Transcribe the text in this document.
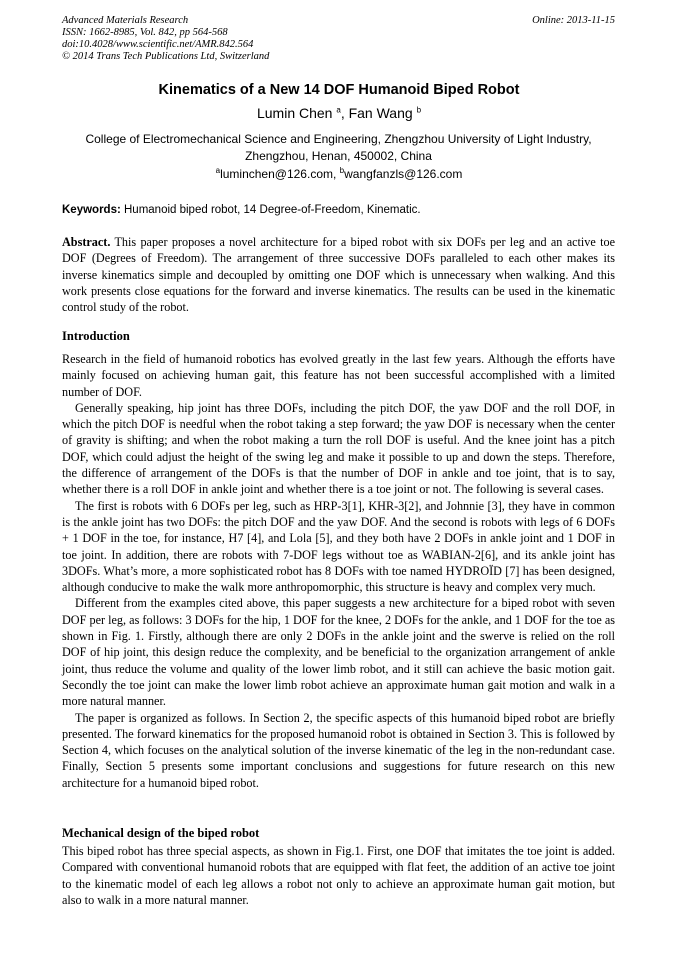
Advanced Materials Research
ISSN: 1662-8985, Vol. 842, pp 564-568
doi:10.4028/www.scientific.net/AMR.842.564
© 2014 Trans Tech Publications Ltd, Switzerland
Online: 2013-11-15
Kinematics of a New 14 DOF Humanoid Biped Robot
Lumin Chen $^a$, Fan Wang $^b$
College of Electromechanical Science and Engineering, Zhengzhou University of Light Industry,
Zhengzhou, Henan, 450002, China
$^a$luminchen@126.com, $^b$wangfanzls@126.com
Keywords: Humanoid biped robot, 14 Degree-of-Freedom, Kinematic.

Abstract. This paper proposes a novel architecture for a biped robot with six DOFs per leg and an active toe DOF (Degrees of Freedom). The arrangement of three successive DOFs paralleled to each other makes its inverse kinematics simple and decoupled by omitting one DOF which is unnecessary when walking. And this work presents close equations for the forward and inverse kinematics. The results can be used in the kinematic control study of the robot.

Introduction

Research in the field of humanoid robotics has evolved greatly in the last few years. Although the efforts have mainly focused on achieving human gait, this feature has not been successful accomplished with a limited number of DOF.

Generally speaking, hip joint has three DOFs, including the pitch DOF, the yaw DOF and the roll DOF, in which the pitch DOF is needful when the robot taking a step forward; the yaw DOF is necessary when the center of gravity is shifting; and when the robot making a turn the roll DOF is useful. And the knee joint has a pitch DOF, which could adjust the height of the swing leg and make it possible to up and down the steps. Therefore, the difference of arrangement of the DOFs is that the number of DOF in ankle and toe joint, that is to say, whether there is a roll DOF in ankle joint and whether there is a toe joint or not. The following is several cases.

The first is robots with 6 DOFs per leg, such as HRP-3[1], KHR-3[2], and Johnnie [3], they have in common is the ankle joint has two DOFs: the pitch DOF and the yaw DOF. And the second is robots with legs of 6 DOFs + 1 DOF in the toe, for instance, H7 [4], and Lola [5], and they both have 2 DOFs in ankle joint and 1 DOF in toe joint. In addition, there are robots with 7-DOF legs without toe as WABIAN-2[6], and its ankle joint has 3DOFs. What’s more, a more sophisticated robot has 8 DOFs with toe named HYDROÏD [7] has been designed, although conducive to make the walk more anthropomorphic, this structure is heavy and complex very much.

Different from the examples cited above, this paper suggests a new architecture for a biped robot with seven DOF per leg, as follows: 3 DOFs for the hip, 1 DOF for the knee, 2 DOFs for the ankle, and 1 DOF for the toe as shown in Fig. 1. Firstly, although there are only 2 DOFs in the ankle joint and the swerve is relied on the roll DOF of hip joint, this design reduce the complexity, and be beneficial to the organization arrangement of ankle joint, thus reduce the volume and quality of the lower limb robot, and it still can achieve the basic motion gait. Secondly the toe joint can make the lower limb robot achieve an approximate human gait motion and walk in a more natural manner.

The paper is organized as follows. In Section 2, the specific aspects of this humanoid biped robot are briefly presented. The forward kinematics for the proposed humanoid robot is obtained in Section 3. This is followed by Section 4, which focuses on the analytical solution of the inverse kinematic of the leg in the non-redundant case. Finally, Section 5 presents some important conclusions and suggestions for future research on this new architecture for a humanoid biped robot.

Mechanical design of the biped robot

This biped robot has three special aspects, as shown in Fig.1. First, one DOF that imitates the toe joint is added. Compared with conventional humanoid robots that are equipped with flat feet, the addition of an active toe joint to the kinematic model of each leg allows a robot not only to achieve an approximate human gait motion, but also to walk in a more natural manner.
